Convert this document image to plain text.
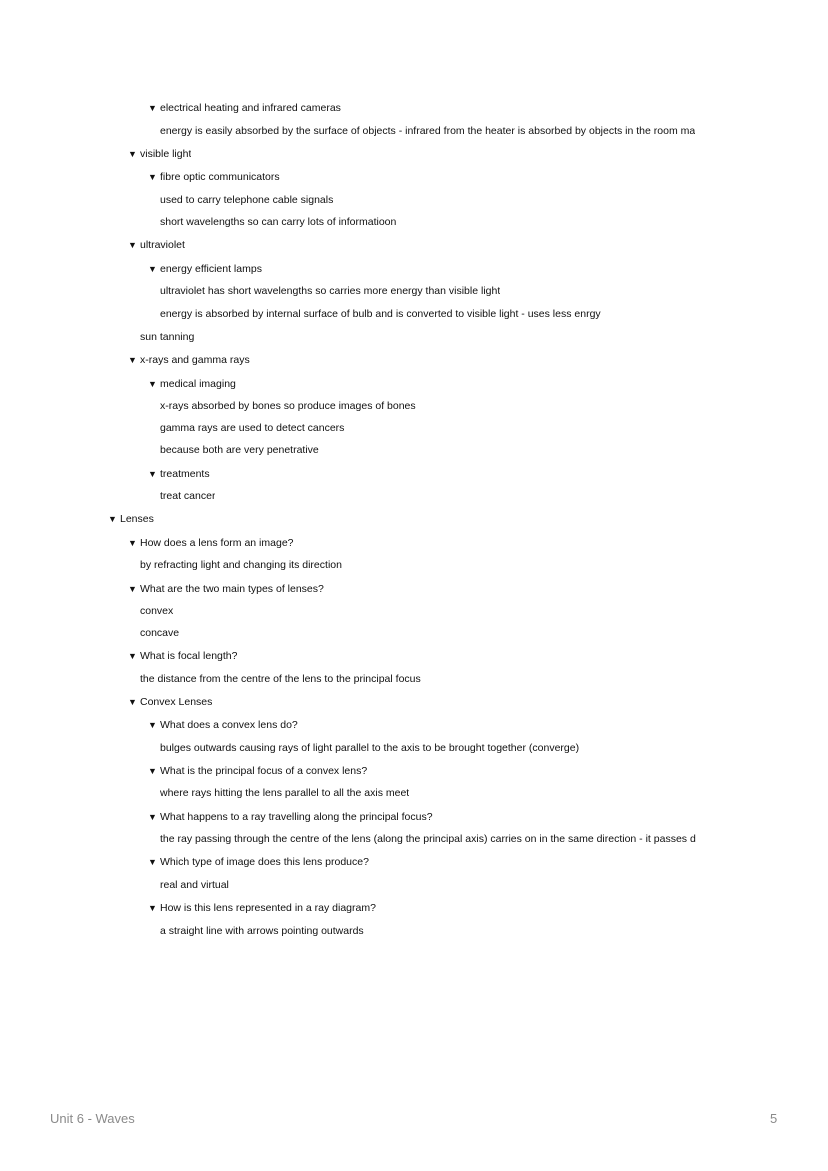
▼ electrical heating and infrared cameras
energy is easily absorbed by the surface of objects - infrared from the heater is absorbed by objects in the room ma
▼ visible light
▼ fibre optic communicators
used to carry telephone cable signals
short wavelengths so can carry lots of informatioon
▼ ultraviolet
▼ energy efficient lamps
ultraviolet has short wavelengths so carries more energy than visible light
energy is absorbed by internal surface of bulb and is converted to visible light - uses less enrgy
sun tanning
▼ x-rays and gamma rays
▼ medical imaging
x-rays absorbed by bones so produce images of bones
gamma rays are used to detect cancers
because both are very penetrative
▼ treatments
treat cancer
▼ Lenses
▼ How does a lens form an image?
by refracting light and changing its direction
▼ What are the two main types of lenses?
convex
concave
▼ What is focal length?
the distance from the centre of the lens to the principal focus
▼ Convex Lenses
▼ What does a convex lens do?
bulges outwards causing rays of light parallel to the axis to be brought together (converge)
▼ What is the principal focus of a convex lens?
where rays hitting the lens parallel to all the axis meet
▼ What happens to a ray travelling along the principal focus?
the ray passing through the centre of the lens (along the principal axis) carries on in the same direction - it passes d
▼ Which type of image does this lens produce?
real and virtual
▼ How is this lens represented in a ray diagram?
a straight line with arrows pointing outwards
Unit 6 - Waves	5
